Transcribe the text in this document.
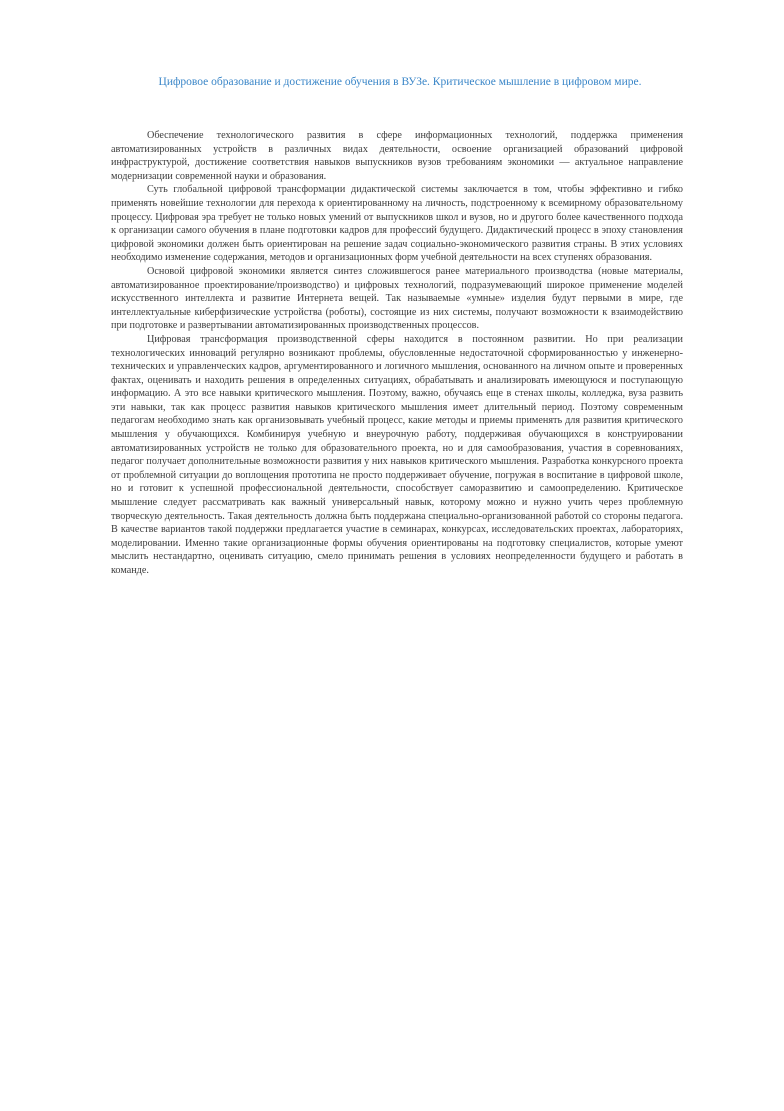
Цифровое образование и достижение обучения в ВУЗе. Критическое мышление в цифровом мире.

Обеспечение технологического развития в сфере информационных технологий, поддержка применения автоматизированных устройств в различных видах деятельности, освоение организацией образований цифровой инфраструктурой, достижение соответствия навыков выпускников вузов требованиям экономики — актуальное направление модернизации современной науки и образования.

Суть глобальной цифровой трансформации дидактической системы заключается в том, чтобы эффективно и гибко применять новейшие технологии для перехода к ориентированному на личность, подстроенному к всемирному образовательному процессу. Цифровая эра требует не только новых умений от выпускников школ и вузов, но и другого более качественного подхода к организации самого обучения в плане подготовки кадров для профессий будущего. Дидактический процесс в эпоху становления цифровой экономики должен быть ориентирован на решение задач социально-экономического развития страны. В этих условиях необходимо изменение содержания, методов и организационных форм учебной деятельности на всех ступенях образования.

Основой цифровой экономики является синтез сложившегося ранее материального производства (новые материалы, автоматизированное проектирование/производство) и цифровых технологий, подразумевающий широкое применение моделей искусственного интеллекта и развитие Интернета вещей. Так называемые «умные» изделия будут первыми в мире, где интеллектуальные киберфизические устройства (роботы), состоящие из них системы, получают возможности к взаимодействию при подготовке и развертывании автоматизированных производственных процессов.

Цифровая трансформация производственной сферы находится в постоянном развитии. Но при реализации технологических инноваций регулярно возникают проблемы, обусловленные недостаточной сформированностью у инженерно-технических и управленческих кадров, аргументированного и логичного мышления, основанного на личном опыте и проверенных фактах, оценивать и находить решения в определенных ситуациях, обрабатывать и анализировать имеющуюся и поступающую информацию. А это все навыки критического мышления. Поэтому, важно, обучаясь еще в стенах школы, колледжа, вуза развить эти навыки, так как процесс развития навыков критического мышления имеет длительный период. Поэтому современным педагогам необходимо знать как организовывать учебный процесс, какие методы и приемы применять для развития критического мышления у обучающихся. Комбинируя учебную и внеурочную работу, поддерживая обучающихся в конструировании автоматизированных устройств не только для образовательного проекта, но и для самообразования, участия в соревнованиях, педагог получает дополнительные возможности развития у них навыков критического мышления. Разработка конкурсного проекта от проблемной ситуации до воплощения прототипа не просто поддерживает обучение, погружая в воспитание в цифровой школе, но и готовит к успешной профессиональной деятельности, способствует саморазвитию и самоопределению. Критическое мышление следует рассматривать как важный универсальный навык, которому можно и нужно учить через проблемную творческую деятельность. Такая деятельность должна быть поддержана специально-организованной работой со стороны педагога. В качестве вариантов такой поддержки предлагается участие в семинарах, конкурсах, исследовательских проектах, лабораториях, моделировании. Именно такие организационные формы обучения ориентированы на подготовку специалистов, которые умеют мыслить нестандартно, оценивать ситуацию, смело принимать решения в условиях неопределенности будущего и работать в команде.
